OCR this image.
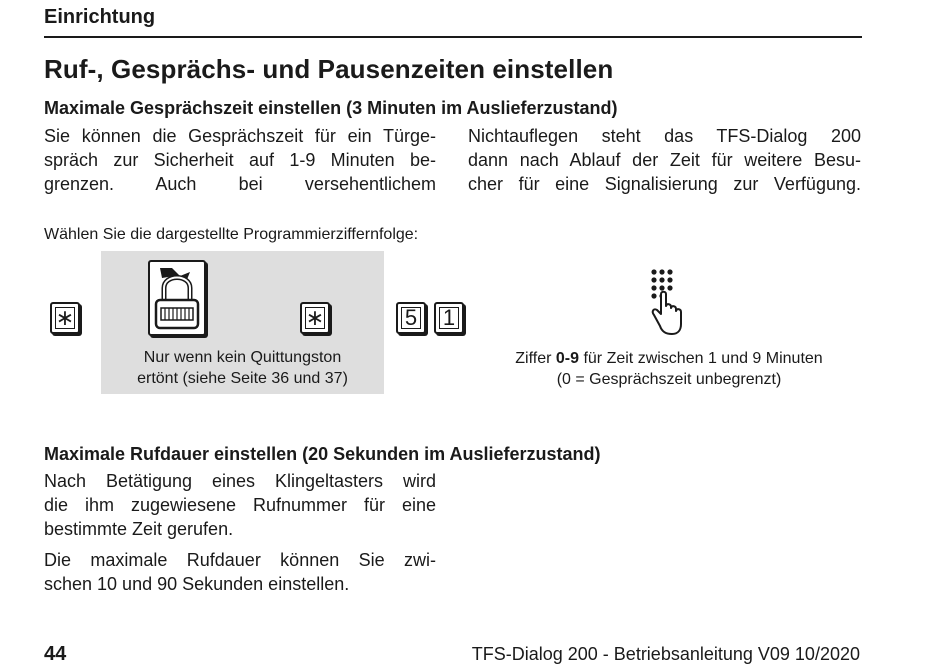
Einrichtung
Ruf-, Gesprächs- und Pausenzeiten einstellen
Maximale Gesprächszeit einstellen (3 Minuten im Auslieferzustand)
Sie können die Gesprächszeit für ein Türge-
spräch zur Sicherheit auf 1-9 Minuten be-
grenzen. Auch bei versehentlichem
Nichtauflegen steht das TFS-Dialog 200
dann nach Ablauf der Zeit für weitere Besu-
cher für eine Signalisierung zur Verfügung.
Wählen Sie die dargestellte Programmierziffernfolge:
∗	∗
Nur wenn kein Quittungston
ertönt (siehe Seite 36 und 37)
5	1
Ziffer 0-9 für Zeit zwischen 1 und 9 Minuten
(0 = Gesprächszeit unbegrenzt)
Maximale Rufdauer einstellen (20 Sekunden im Auslieferzustand)
Nach Betätigung eines Klingeltasters wird
die ihm zugewiesene Rufnummer für eine
bestimmte Zeit gerufen.
Die maximale Rufdauer können Sie zwi-
schen 10 und 90 Sekunden einstellen.
44	TFS-Dialog 200 - Betriebsanleitung V09 10/2020
